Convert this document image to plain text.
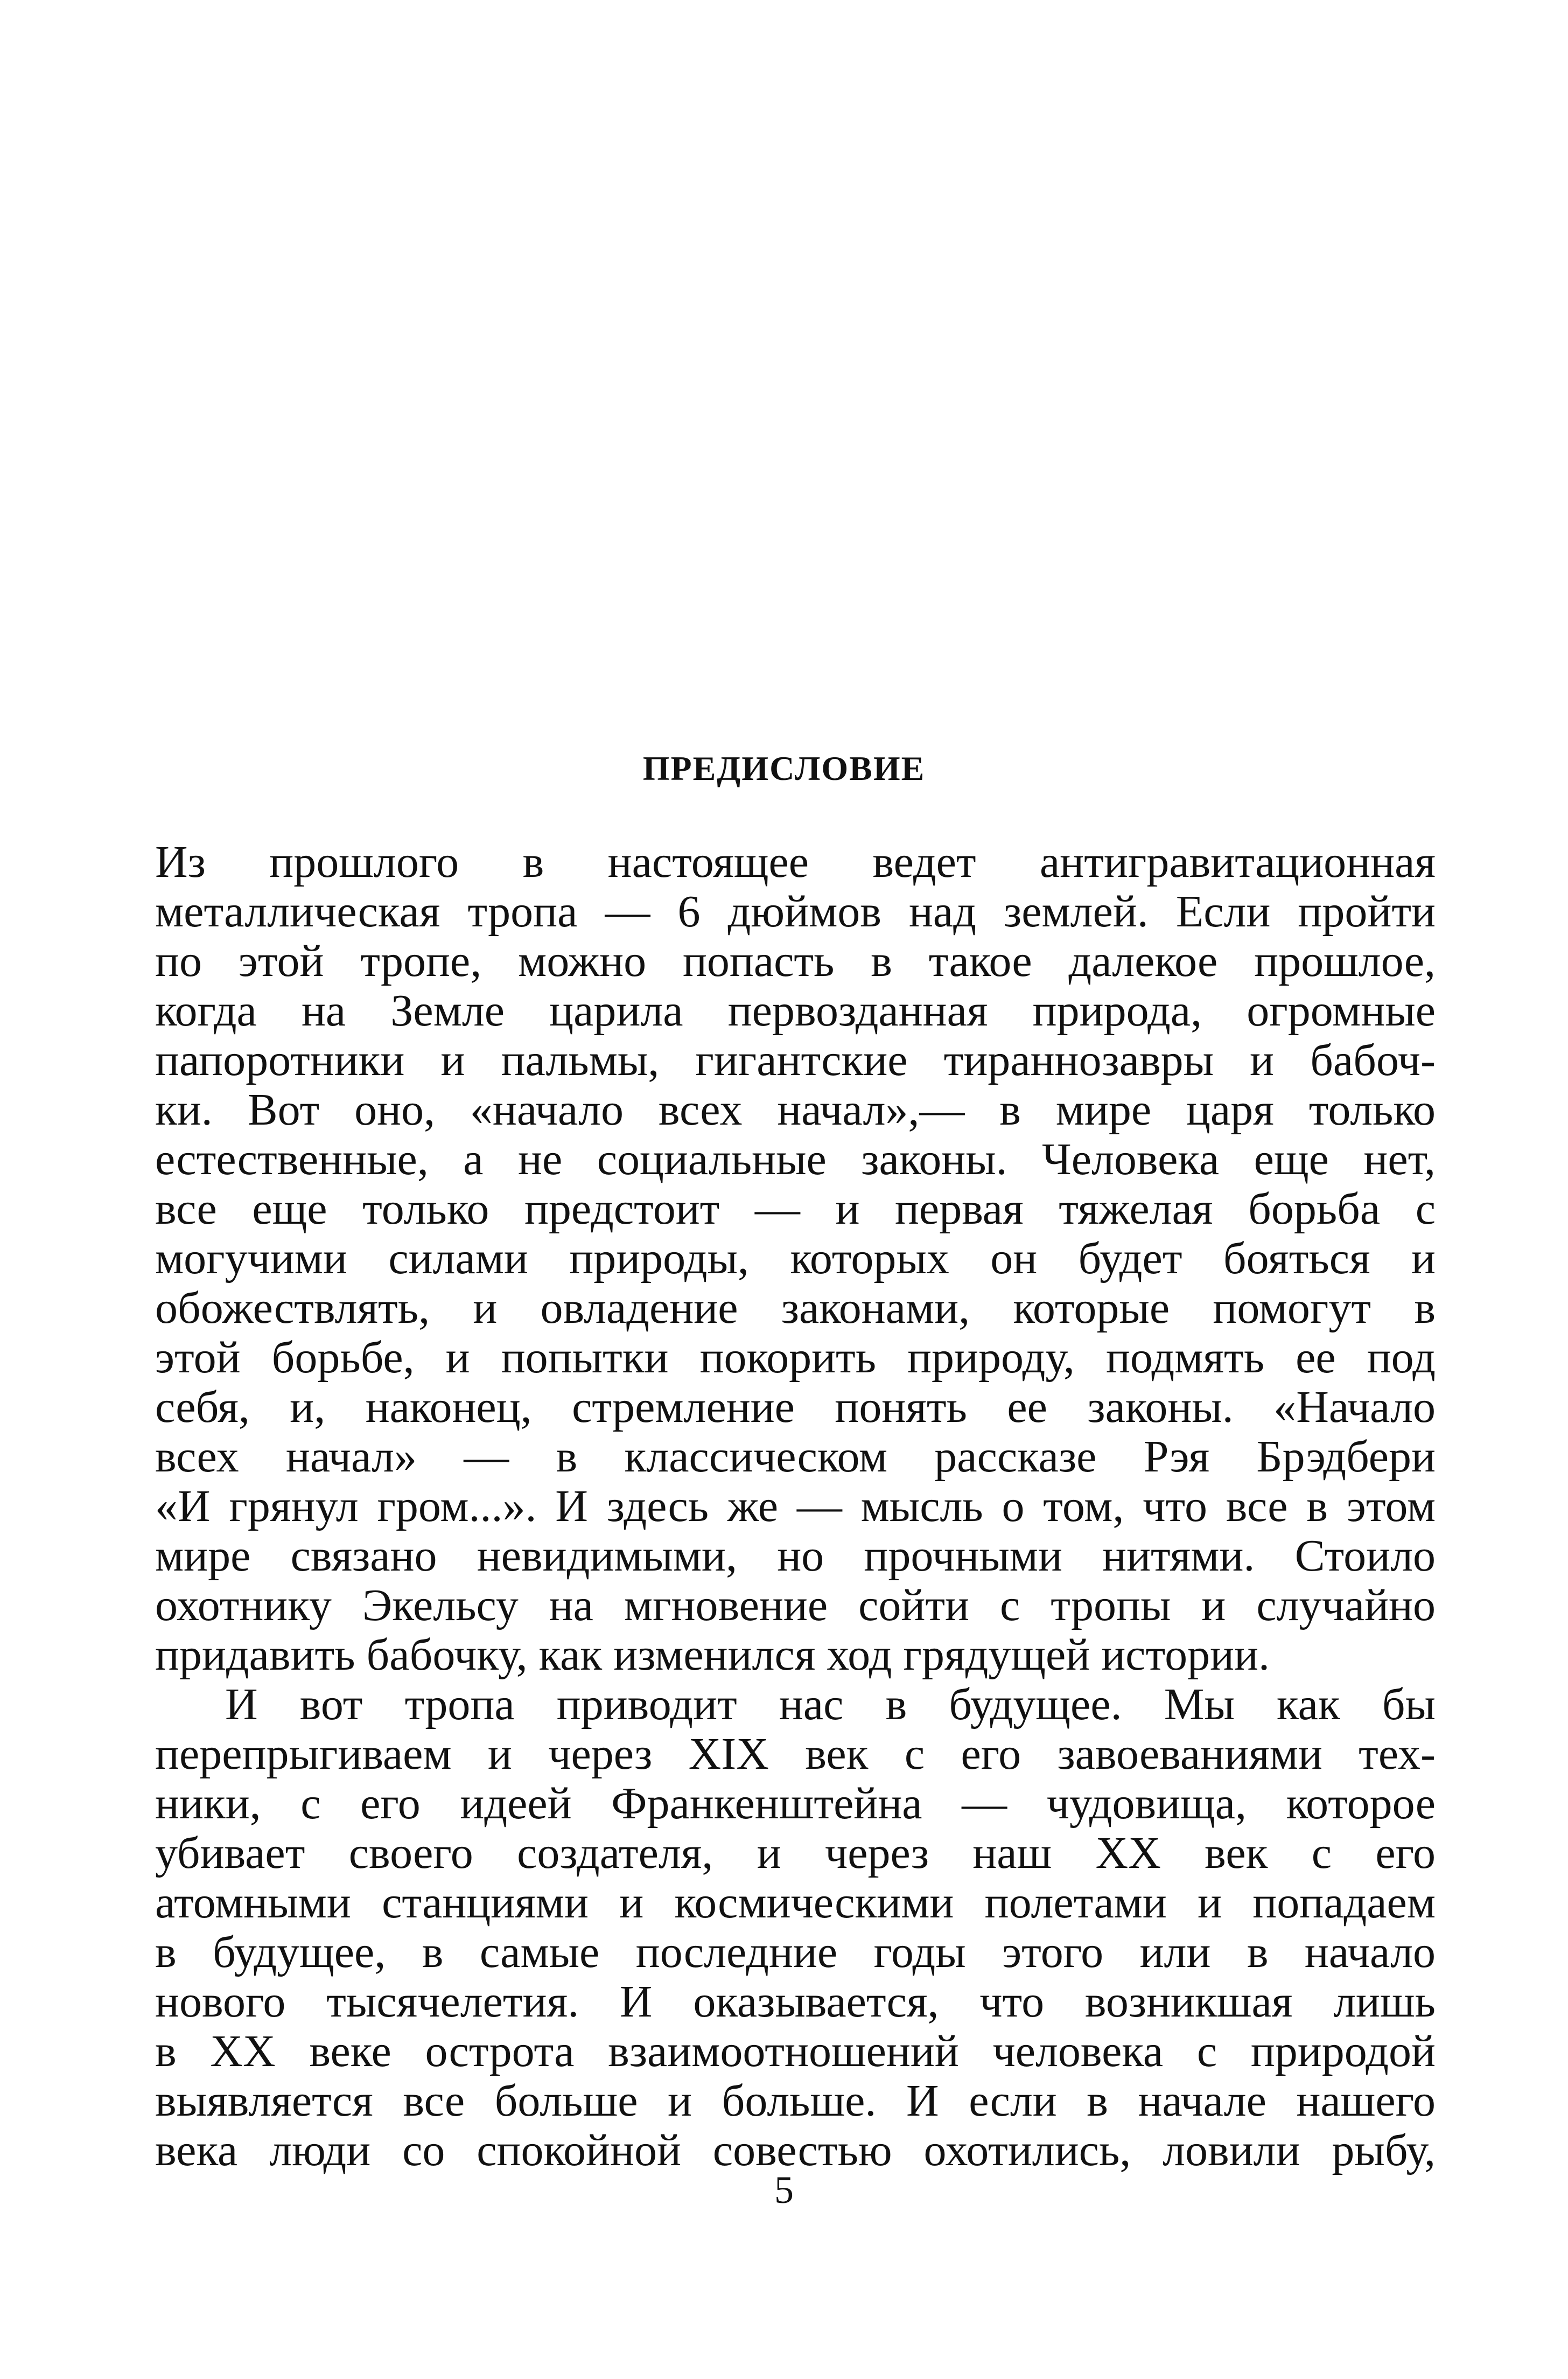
ПРЕДИСЛОВИЕ
Из прошлого в настоящее ведет антигравитационная
металлическая тропа — 6 дюймов над землей. Если пройти
по этой тропе, можно попасть в такое далекое прошлое,
когда на Земле царила первозданная природа, огромные
папоротники и пальмы, гигантские тираннозавры и бабоч-
ки. Вот оно, «начало всех начал»,— в мире царя только
естественные, а не социальные законы. Человека еще нет,
все еще только предстоит — и первая тяжелая борьба с
могучими силами природы, которых он будет бояться и
обожествлять, и овладение законами, которые помогут в
этой борьбе, и попытки покорить природу, подмять ее под
себя, и, наконец, стремление понять ее законы. «Начало
всех начал» — в классическом рассказе Рэя Брэдбери
«И грянул гром...». И здесь же — мысль о том, что все в этом
мире связано невидимыми, но прочными нитями. Стоило
охотнику Экельсу на мгновение сойти с тропы и случайно
придавить бабочку, как изменился ход грядущей истории.
И вот тропа приводит нас в будущее. Мы как бы
перепрыгиваем и через XIX век с его завоеваниями тех-
ники, с его идеей Франкенштейна — чудовища, которое
убивает своего создателя, и через наш XX век с его
атомными станциями и космическими полетами и попадаем
в будущее, в самые последние годы этого или в начало
нового тысячелетия. И оказывается, что возникшая лишь
в XX веке острота взаимоотношений человека с природой
выявляется все больше и больше. И если в начале нашего
века люди со спокойной совестью охотились, ловили рыбу,
5
